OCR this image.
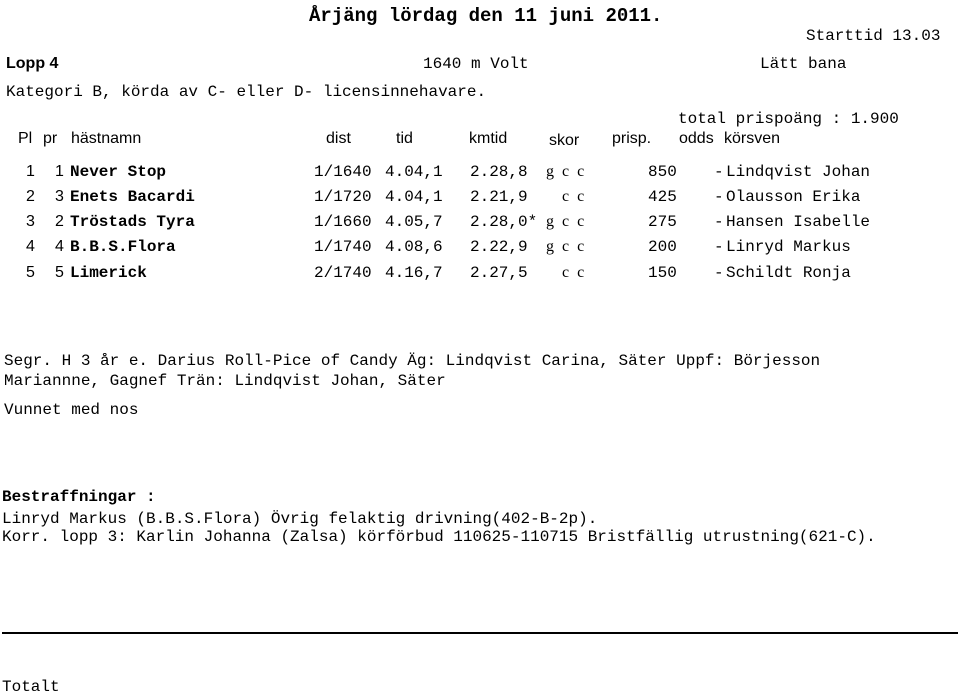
Årjäng lördag den 11 juni 2011.
Starttid 13.03
Lopp 4	1640 m Volt	Lätt bana
Kategori B, körda av C- eller D- licensinnehavare.
total prispoäng : 1.900
Pl pr hästnamn	dist	tid	kmtid	skor prisp. odds körsven
1 1 Never Stop	1/1640 4.04,1 2.28,8 g c c	850 - Lindqvist Johan
2 3 Enets Bacardi	1/1720 4.04,1 2.21,9 c c	425 - Olausson Erika
3 2 Tröstads Tyra	1/1660 4.05,7 2.28,0* g c c	275 - Hansen Isabelle
4 4 B.B.S.Flora	1/1740 4.08,6 2.22,9 g c c	200 - Linryd Markus
5 5 Limerick	2/1740 4.16,7 2.27,5 c c	150 - Schildt Ronja
Segr. H 3 år e. Darius Roll-Pice of Candy Äg: Lindqvist Carina, Säter Uppf: Börjesson
Mariannne, Gagnef Trän: Lindqvist Johan, Säter
Vunnet med nos
Bestraffningar :
Linryd Markus (B.B.S.Flora) Övrig felaktig drivning(402-B-2p).
Korr. lopp 3: Karlin Johanna (Zalsa) körförbud 110625-110715 Bristfällig utrustning(621-C).
Totalt
